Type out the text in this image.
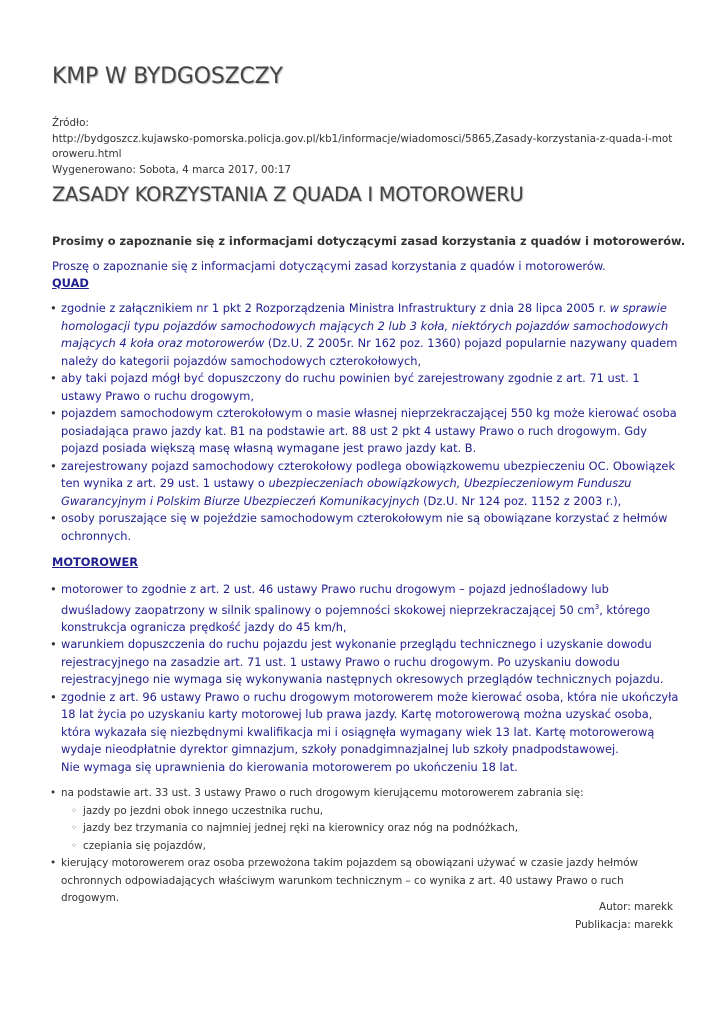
KMP W BYDGOSZCZY
Źródło:
http://bydgoszcz.kujawsko-pomorska.policja.gov.pl/kb1/informacje/wiadomosci/5865,Zasady-korzystania-z-quada-i-motoroweru.html
Wygenerowano: Sobota, 4 marca 2017, 00:17
ZASADY KORZYSTANIA Z QUADA I MOTOROWERU
Prosimy o zapoznanie się z informacjami dotyczącymi zasad korzystania z quadów i motorowerów.
Proszę o zapoznanie się z informacjami dotyczącymi zasad korzystania z quadów i motorowerów.
QUAD
• zgodnie z załącznikiem nr 1 pkt 2 Rozporządzenia Ministra Infrastruktury z dnia 28 lipca 2005 r. w sprawie homologacji typu pojazdów samochodowych mających 2 lub 3 koła, niektórych pojazdów samochodowych mających 4 koła oraz motorowerów (Dz.U. Z 2005r. Nr 162 poz. 1360) pojazd popularnie nazywany quadem należy do kategorii pojazdów samochodowych czterokołowych,
• aby taki pojazd mógł być dopuszczony do ruchu powinien być zarejestrowany zgodnie z art. 71 ust. 1 ustawy Prawo o ruchu drogowym,
• pojazdem samochodowym czterokołowym o masie własnej nieprzekraczającej 550 kg może kierować osoba posiadająca prawo jazdy kat. B1 na podstawie art. 88 ust 2 pkt 4 ustawy Prawo o ruch drogowym. Gdy pojazd posiada większą masę własną wymagane jest prawo jazdy kat. B.
• zarejestrowany pojazd samochodowy czterokołowy podlega obowiązkowemu ubezpieczeniu OC. Obowiązek ten wynika z art. 29 ust. 1 ustawy o ubezpieczeniach obowiązkowych, Ubezpieczeniowym Funduszu Gwarancyjnym i Polskim Biurze Ubezpieczeń Komunikacyjnych (Dz.U. Nr 124 poz. 1152 z 2003 r.),
• osoby poruszające się w pojeździe samochodowym czterokołowym nie są obowiązane korzystać z hełmów ochronnych.
MOTOROWER
• motorower to zgodnie z art. 2 ust. 46 ustawy Prawo ruchu drogowym – pojazd jednośladowy lub dwuśladowy zaopatrzony w silnik spalinowy o pojemności skokowej nieprzekraczającej 50 $cm^3$, którego konstrukcja ogranicza prędkość jazdy do 45 km/h,
• warunkiem dopuszczenia do ruchu pojazdu jest wykonanie przeglądu technicznego i uzyskanie dowodu rejestracyjnego na zasadzie art. 71 ust. 1 ustawy Prawo o ruchu drogowym. Po uzyskaniu dowodu rejestracyjnego nie wymaga się wykonywania następnych okresowych przeglądów technicznych pojazdu.
• zgodnie z art. 96 ustawy Prawo o ruchu drogowym motorowerem może kierować osoba, która nie ukończyła 18 lat życia po uzyskaniu karty motorowej lub prawa jazdy. Kartę motorowerową można uzyskać osoba, która wykazała się niezbędnymi kwalifikacja mi i osiągnęła wymagany wiek 13 lat. Kartę motorowerową wydaje nieodpłatnie dyrektor gimnazjum, szkoły ponadgimnazjalnej lub szkoły pnadpodstawowej.
Nie wymaga się uprawnienia do kierowania motorowerem po ukończeniu 18 lat.
• na podstawie art. 33 ust. 3 ustawy Prawo o ruch drogowym kierującemu motorowerem zabrania się:
◦ jazdy po jezdni obok innego uczestnika ruchu,
◦ jazdy bez trzymania co najmniej jednej ręki na kierownicy oraz nóg na podnóżkach,
◦ czepiania się pojazdów,
• kierujący motorowerem oraz osoba przewożona takim pojazdem są obowiązani używać w czasie jazdy hełmów ochronnych odpowiadających właściwym warunkom technicznym – co wynika z art. 40 ustawy Prawo o ruch drogowym.
Autor: marekk
Publikacja: marekk
